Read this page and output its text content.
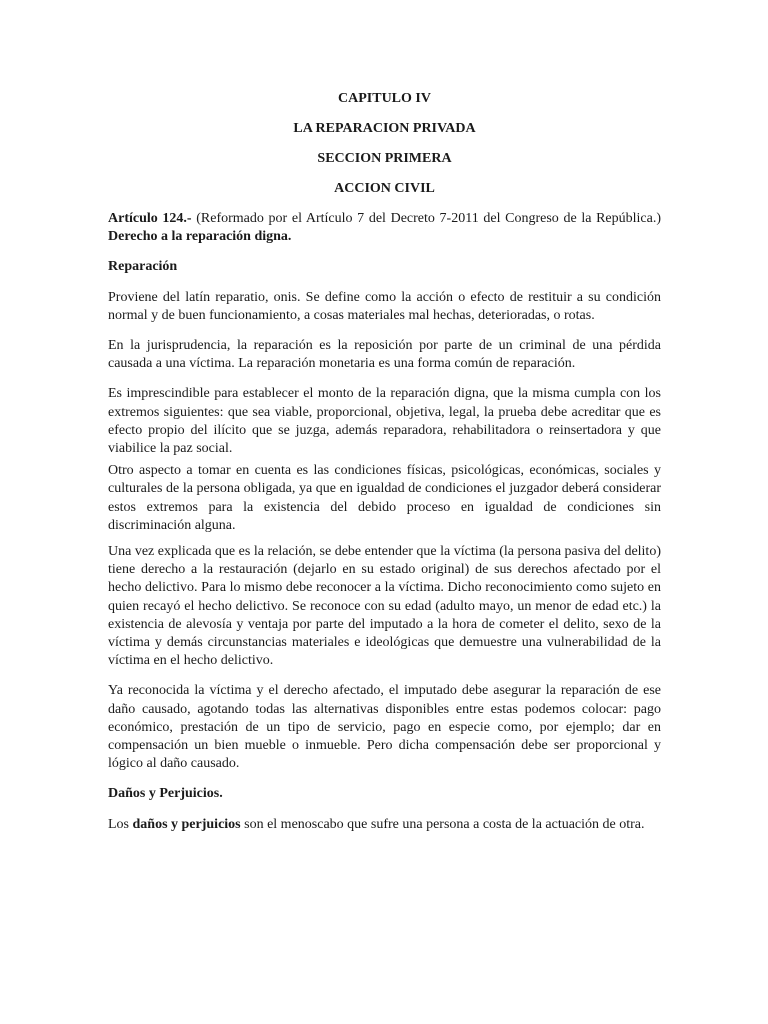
CAPITULO IV
LA REPARACION PRIVADA
SECCION PRIMERA
ACCION CIVIL

Artículo 124.- (Reformado por el Artículo 7 del Decreto 7-2011 del Congreso de la República.) Derecho a la reparación digna.

Reparación

Proviene del latín reparatio, onis. Se define como la acción o efecto de restituir a su condición normal y de buen funcionamiento, a cosas materiales mal hechas, deterioradas, o rotas.

En la jurisprudencia, la reparación es la reposición por parte de un criminal de una pérdida causada a una víctima. La reparación monetaria es una forma común de reparación.

Es imprescindible para establecer el monto de la reparación digna, que la misma cumpla con los extremos siguientes: que sea viable, proporcional, objetiva, legal, la prueba debe acreditar que es efecto propio del ilícito que se juzga, además reparadora, rehabilitadora o reinsertadora y que viabilice la paz social.

Otro aspecto a tomar en cuenta es las condiciones físicas, psicológicas, económicas, sociales y culturales de la persona obligada, ya que en igualdad de condiciones el juzgador deberá considerar estos extremos para la existencia del debido proceso en igualdad de condiciones sin discriminación alguna.

Una vez explicada que es la relación, se debe entender que la víctima (la persona pasiva del delito) tiene derecho a la restauración (dejarlo en su estado original) de sus derechos afectado por el hecho delictivo. Para lo mismo debe reconocer a la víctima. Dicho reconocimiento como sujeto en quien recayó el hecho delictivo. Se reconoce con su edad (adulto mayo, un menor de edad etc.) la existencia de alevosía y ventaja por parte del imputado a la hora de cometer el delito, sexo de la víctima y demás circunstancias materiales e ideológicas que demuestre una vulnerabilidad de la víctima en el hecho delictivo.

Ya reconocida la víctima y el derecho afectado, el imputado debe asegurar la reparación de ese daño causado, agotando todas las alternativas disponibles entre estas podemos colocar: pago económico, prestación de un tipo de servicio, pago en especie como, por ejemplo; dar en compensación un bien mueble o inmueble. Pero dicha compensación debe ser proporcional y lógico al daño causado.

Daños y Perjuicios.

Los daños y perjuicios son el menoscabo que sufre una persona a costa de la actuación de otra.
